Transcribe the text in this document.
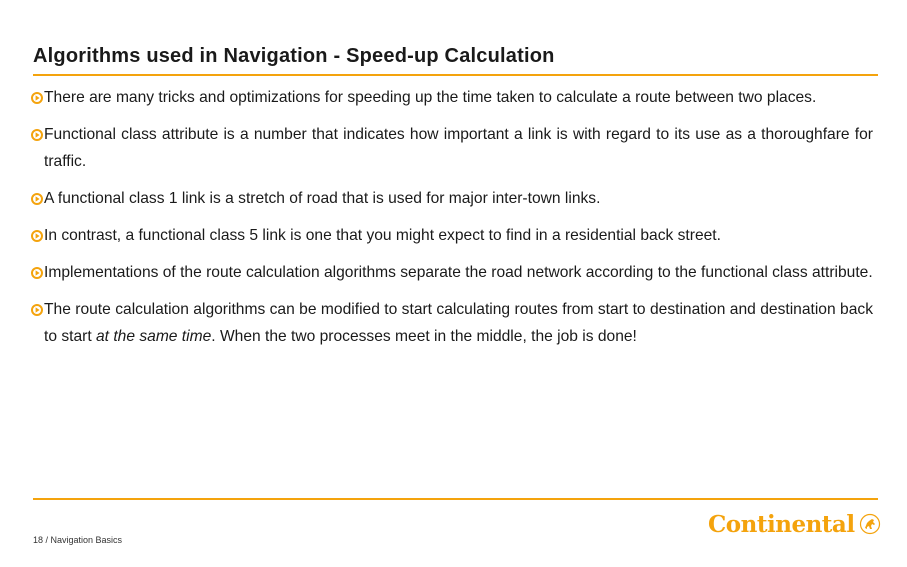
Algorithms used in Navigation - Speed-up Calculation
There are many tricks and optimizations for speeding up the time taken to calculate a route between two places.
Functional class attribute is a number that indicates how important a link is with regard to its use as a thoroughfare for traffic.
A functional class 1 link is a stretch of road that is used for major inter-town links.
In contrast, a functional class 5 link is one that you might expect to find in a residential back street.
Implementations of the route calculation algorithms separate the road network according to the functional class attribute.
The route calculation algorithms can be modified to start calculating routes from start to destination and destination back to start at the same time. When the two processes meet in the middle, the job is done!
18 / Navigation Basics
Continental
